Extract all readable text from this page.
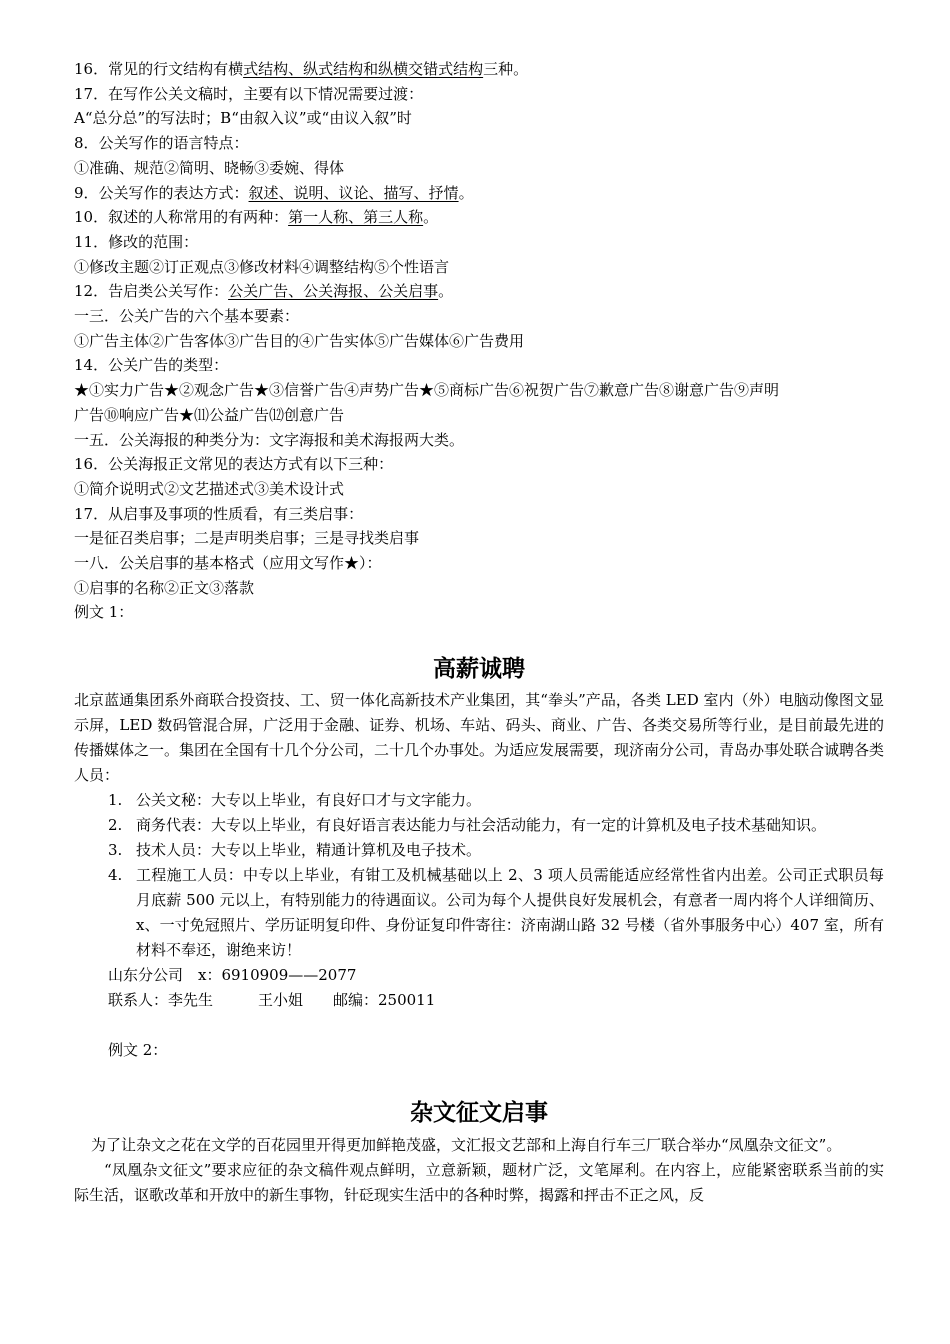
16．常见的行文结构有横式结构、纵式结构和纵横交错式结构三种。
17．在写作公关文稿时，主要有以下情况需要过渡：
A“总分总”的写法时；B“由叙入议”或“由议入叙”时
8．公关写作的语言特点：
①准确、规范②简明、晓畅③委婉、得体
9．公关写作的表达方式：叙述、说明、议论、描写、抒情。
10．叙述的人称常用的有两种：第一人称、第三人称。
11．修改的范围：
①修改主题②订正观点③修改材料④调整结构⑤个性语言
12．告启类公关写作：公关广告、公关海报、公关启事。
一三．公关广告的六个基本要素：
①广告主体②广告客体③广告目的④广告实体⑤广告媒体⑥广告费用
14．公关广告的类型：
★①实力广告★②观念广告★③信誉广告④声势广告★⑤商标广告⑥祝贺广告⑦歉意广告⑧谢意广告⑨声明
广告⑩响应广告★⑾公益广告⑿创意广告
一五．公关海报的种类分为：文字海报和美术海报两大类。
16．公关海报正文常见的表达方式有以下三种：
①简介说明式②文艺描述式③美术设计式
17．从启事及事项的性质看，有三类启事：
一是征召类启事；二是声明类启事；三是寻找类启事
一八．公关启事的基本格式（应用文写作★）：
①启事的名称②正文③落款
例文 1：
高薪诚聘
北京蓝通集团系外商联合投资技、工、贸一体化高新技术产业集团，其“拳头”产品，各类 LED 室内（外）电脑动像图文显示屏，LED 数码管混合屏，广泛用于金融、证券、机场、车站、码头、商业、广告、各类交易所等行业，是目前最先进的传播媒体之一。集团在全国有十几个分公司，二十几个办事处。为适应发展需要，现济南分公司，青岛办事处联合诚聘各类人员：
1. 公关文秘：大专以上毕业，有良好口才与文字能力。
2. 商务代表：大专以上毕业，有良好语言表达能力与社会活动能力，有一定的计算机及电子技术基础知识。
3. 技术人员：大专以上毕业，精通计算机及电子技术。
4. 工程施工人员：中专以上毕业，有钳工及机械基础以上 2、3 项人员需能适应经常性省内出差。公司正式职员每月底薪 500 元以上，有特别能力的待遇面议。公司为每个人提供良好发展机会，有意者一周内将个人详细简历、x、一寸免冠照片、学历证明复印件、身份证复印件寄往：济南湖山路 32 号楼（省外事服务中心）407 室，所有材料不奉还，谢绝来访！
山东分公司　x：6910909——2077
联系人：李先生　　　王小姐　　邮编：250011
例文 2：
杂文征文启事
为了让杂文之花在文学的百花园里开得更加鲜艳茂盛，文汇报文艺部和上海自行车三厂联合举办“凤凰杂文征文”。
“凤凰杂文征文”要求应征的杂文稿件观点鲜明，立意新颖，题材广泛，文笔犀利。在内容上，应能紧密联系当前的实际生活，讴歌改革和开放中的新生事物，针砭现实生活中的各种时弊，揭露和抨击不正之风，反
